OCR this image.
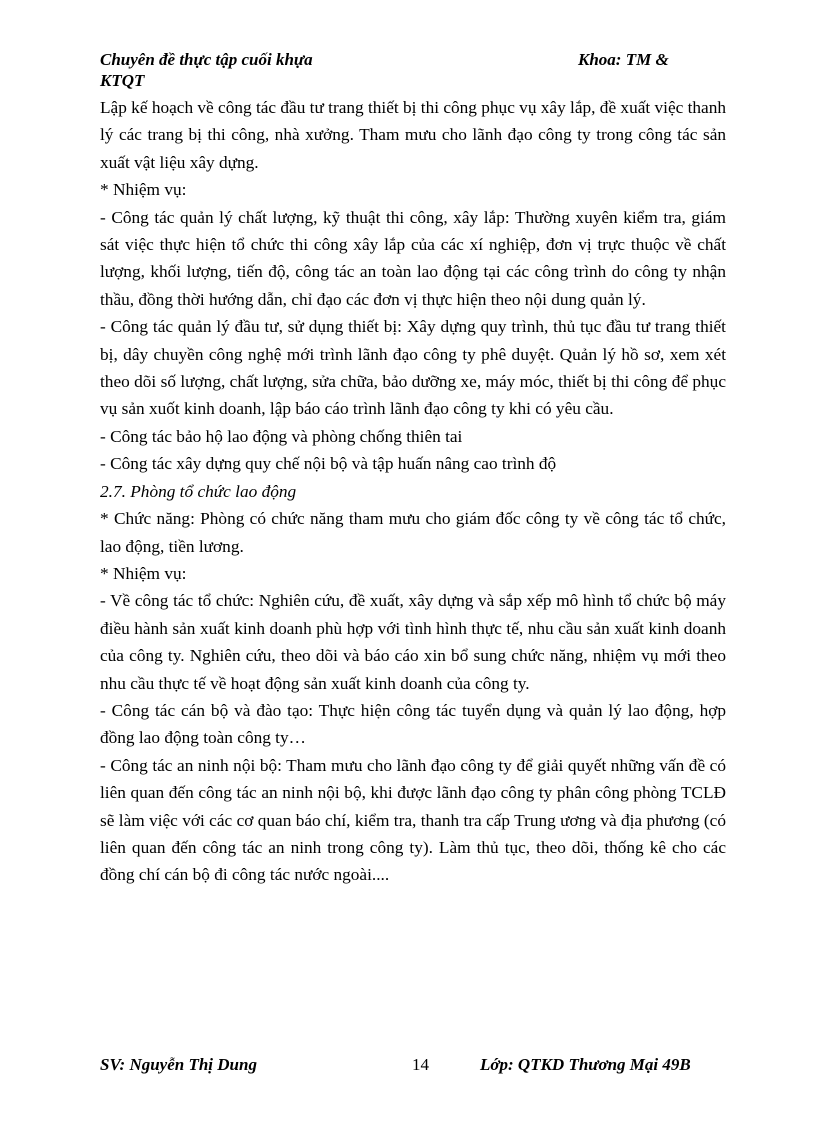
Chuyên đề thực tập cuối khựa	Khoa: TM &
KTQT

Lập kế hoạch về công tác đầu tư trang thiết bị thi công phục vụ xây lắp, đề xuất việc thanh lý các trang bị thi công, nhà xưởng. Tham mưu cho lãnh đạo công ty trong công tác sản xuất vật liệu xây dựng.

* Nhiệm vụ:

- Công tác quản lý chất lượng, kỹ thuật thi công, xây lắp: Thường xuyên kiểm tra, giám sát việc thực hiện tổ chức thi công xây lắp của các xí nghiệp, đơn vị trực thuộc về chất lượng, khối lượng, tiến độ, công tác an toàn lao động tại các công trình do công ty nhận thầu, đồng thời hướng dẫn, chỉ đạo các đơn vị thực hiện theo nội dung quản lý.

- Công tác quản lý đầu tư, sử dụng thiết bị: Xây dựng quy trình, thủ tục đầu tư trang thiết bị, dây chuyền công nghệ mới trình lãnh đạo công ty phê duyệt. Quản lý hồ sơ, xem xét theo dõi số lượng, chất lượng, sửa chữa, bảo dưỡng xe, máy móc, thiết bị thi công để phục vụ sản xuốt kinh doanh, lập báo cáo trình lãnh đạo công ty khi có yêu cầu.

- Công tác bảo hộ lao động và phòng chống thiên tai

- Công tác xây dựng quy chế nội bộ và tập huấn nâng cao trình độ

2.7. Phòng tổ chức lao động

* Chức năng: Phòng có chức năng tham mưu cho giám đốc công ty về công tác tổ chức, lao động, tiền lương.

* Nhiệm vụ:

- Về công tác tổ chức: Nghiên cứu, đề xuất, xây dựng và sắp xếp mô hình tổ chức bộ máy điều hành sản xuất kinh doanh phù hợp với tình hình thực tế, nhu cầu sản xuất kinh doanh của công ty. Nghiên cứu, theo dõi và báo cáo xin bổ sung chức năng, nhiệm vụ mới theo nhu cầu thực tế về hoạt động sản xuất kinh doanh của công ty.

- Công tác cán bộ và đào tạo: Thực hiện công tác tuyển dụng và quản lý lao động, hợp đồng lao động toàn công ty…

- Công tác an ninh nội bộ: Tham mưu cho lãnh đạo công ty để giải quyết những vấn đề có liên quan đến công tác an ninh nội bộ, khi được lãnh đạo công ty phân công phòng TCLĐ sẽ làm việc với các cơ quan báo chí, kiểm tra, thanh tra cấp Trung ương và địa phương (có liên quan đến công tác an ninh trong công ty). Làm thủ tục, theo dõi, thống kê cho các đồng chí cán bộ đi công tác nước ngoài....

SV: Nguyễn Thị Dung	14	Lớp: QTKD Thương Mại 49B
